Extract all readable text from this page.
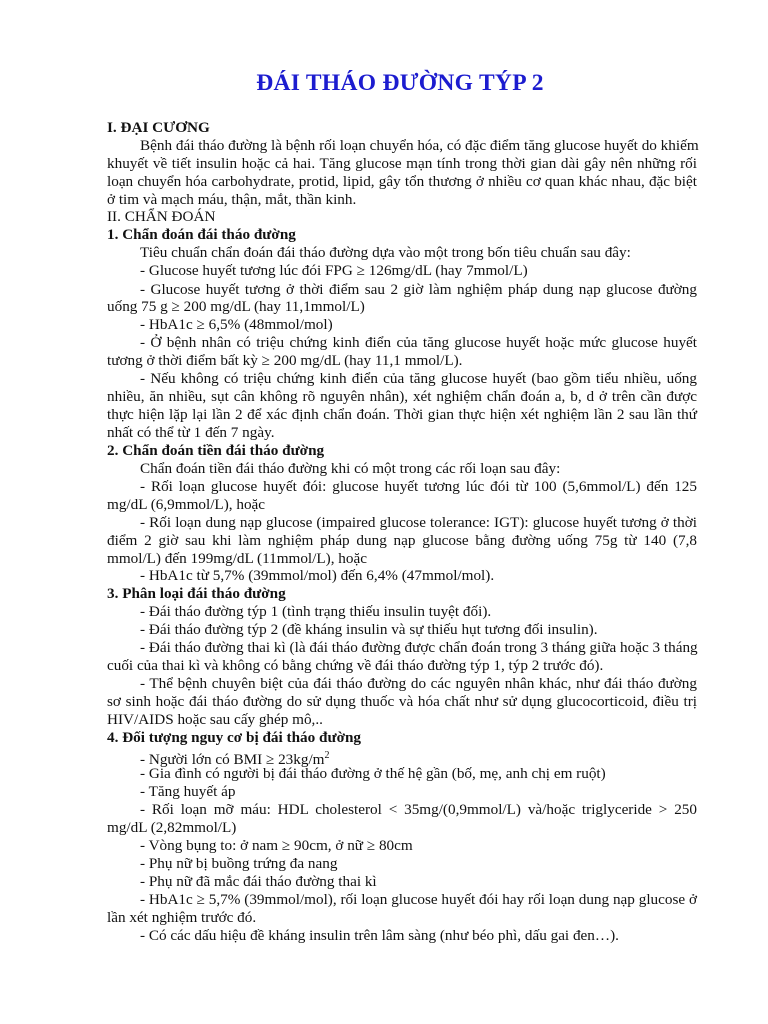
ĐÁI THÁO ĐƯỜNG TÝP 2

I. ĐẠI CƯƠNG

Bệnh đái tháo đường là bệnh rối loạn chuyển hóa, có đặc điểm tăng glucose huyết do khiếm

khuyết về tiết insulin hoặc cả hai. Tăng glucose mạn tính trong thời gian dài gây nên những rối

loạn chuyển hóa carbohydrate, protid, lipid, gây tổn thương ở nhiều cơ quan khác nhau, đặc biệt

ở tim và mạch máu, thận, mắt, thần kinh.

II. CHẨN ĐOÁN

1. Chẩn đoán đái tháo đường

Tiêu chuẩn chẩn đoán đái tháo đường dựa vào một trong bốn tiêu chuẩn sau đây:

- Glucose huyết tương lúc đói FPG ≥ 126mg/dL (hay 7mmol/L)

- Glucose huyết tương ở thời điểm sau 2 giờ làm nghiệm pháp dung nạp glucose đường

uống 75 g ≥ 200 mg/dL (hay 11,1mmol/L)

- HbA1c ≥ 6,5% (48mmol/mol)

- Ở bệnh nhân có triệu chứng kinh điển của tăng glucose huyết hoặc mức glucose huyết

tương ở thời điểm bất kỳ ≥ 200 mg/dL (hay 11,1 mmol/L).

- Nếu không có triệu chứng kinh điển của tăng glucose huyết (bao gồm tiểu nhiều, uống

nhiều, ăn nhiều, sụt cân không rõ nguyên nhân), xét nghiệm chẩn đoán a, b, d ở trên cần được

thực hiện lặp lại lần 2 để xác định chẩn đoán. Thời gian thực hiện xét nghiệm lần 2 sau lần thứ

nhất có thể từ 1 đến 7 ngày.

2. Chẩn đoán tiền đái tháo đường

Chẩn đoán tiền đái tháo đường khi có một trong các rối loạn sau đây:

- Rối loạn glucose huyết đói: glucose huyết tương lúc đói từ 100 (5,6mmol/L) đến 125

mg/dL (6,9mmol/L), hoặc

- Rối loạn dung nạp glucose (impaired glucose tolerance: IGT): glucose huyết tương ở thời

điểm 2 giờ sau khi làm nghiệm pháp dung nạp glucose bằng đường uống 75g từ 140 (7,8

mmol/L) đến 199mg/dL (11mmol/L), hoặc

- HbA1c từ 5,7% (39mmol/mol) đến 6,4% (47mmol/mol).

3. Phân loại đái tháo đường

- Đái tháo đường týp 1 (tình trạng thiếu insulin tuyệt đối).

- Đái tháo đường týp 2 (đề kháng insulin và sự thiếu hụt tương đối insulin).

- Đái tháo đường thai kì (là đái tháo đường được chẩn đoán trong 3 tháng giữa hoặc 3 tháng

cuối của thai kì và không có bằng chứng về đái tháo đường týp 1, týp 2 trước đó).

- Thể bệnh chuyên biệt của đái tháo đường do các nguyên nhân khác, như đái tháo đường

sơ sinh hoặc đái tháo đường do sử dụng thuốc và hóa chất như sử dụng glucocorticoid, điều trị

HIV/AIDS hoặc sau cấy ghép mô,..

4. Đối tượng nguy cơ bị đái tháo đường

- Người lớn có BMI ≥ $23kg/m^2$

- Gia đình có người bị đái tháo đường ở thế hệ gần (bố, mẹ, anh chị em ruột)

- Tăng huyết áp

- Rối loạn mỡ máu: HDL cholesterol < 35mg/(0,9mmol/L) và/hoặc triglyceride > 250

mg/dL (2,82mmol/L)

- Vòng bụng to: ở nam ≥ 90cm, ở nữ ≥ 80cm

- Phụ nữ bị buồng trứng đa nang

- Phụ nữ đã mắc đái tháo đường thai kì

- HbA1c ≥ 5,7% (39mmol/mol), rối loạn glucose huyết đói hay rối loạn dung nạp glucose ở

lần xét nghiệm trước đó.

- Có các dấu hiệu đề kháng insulin trên lâm sàng (như béo phì, dấu gai đen…).
